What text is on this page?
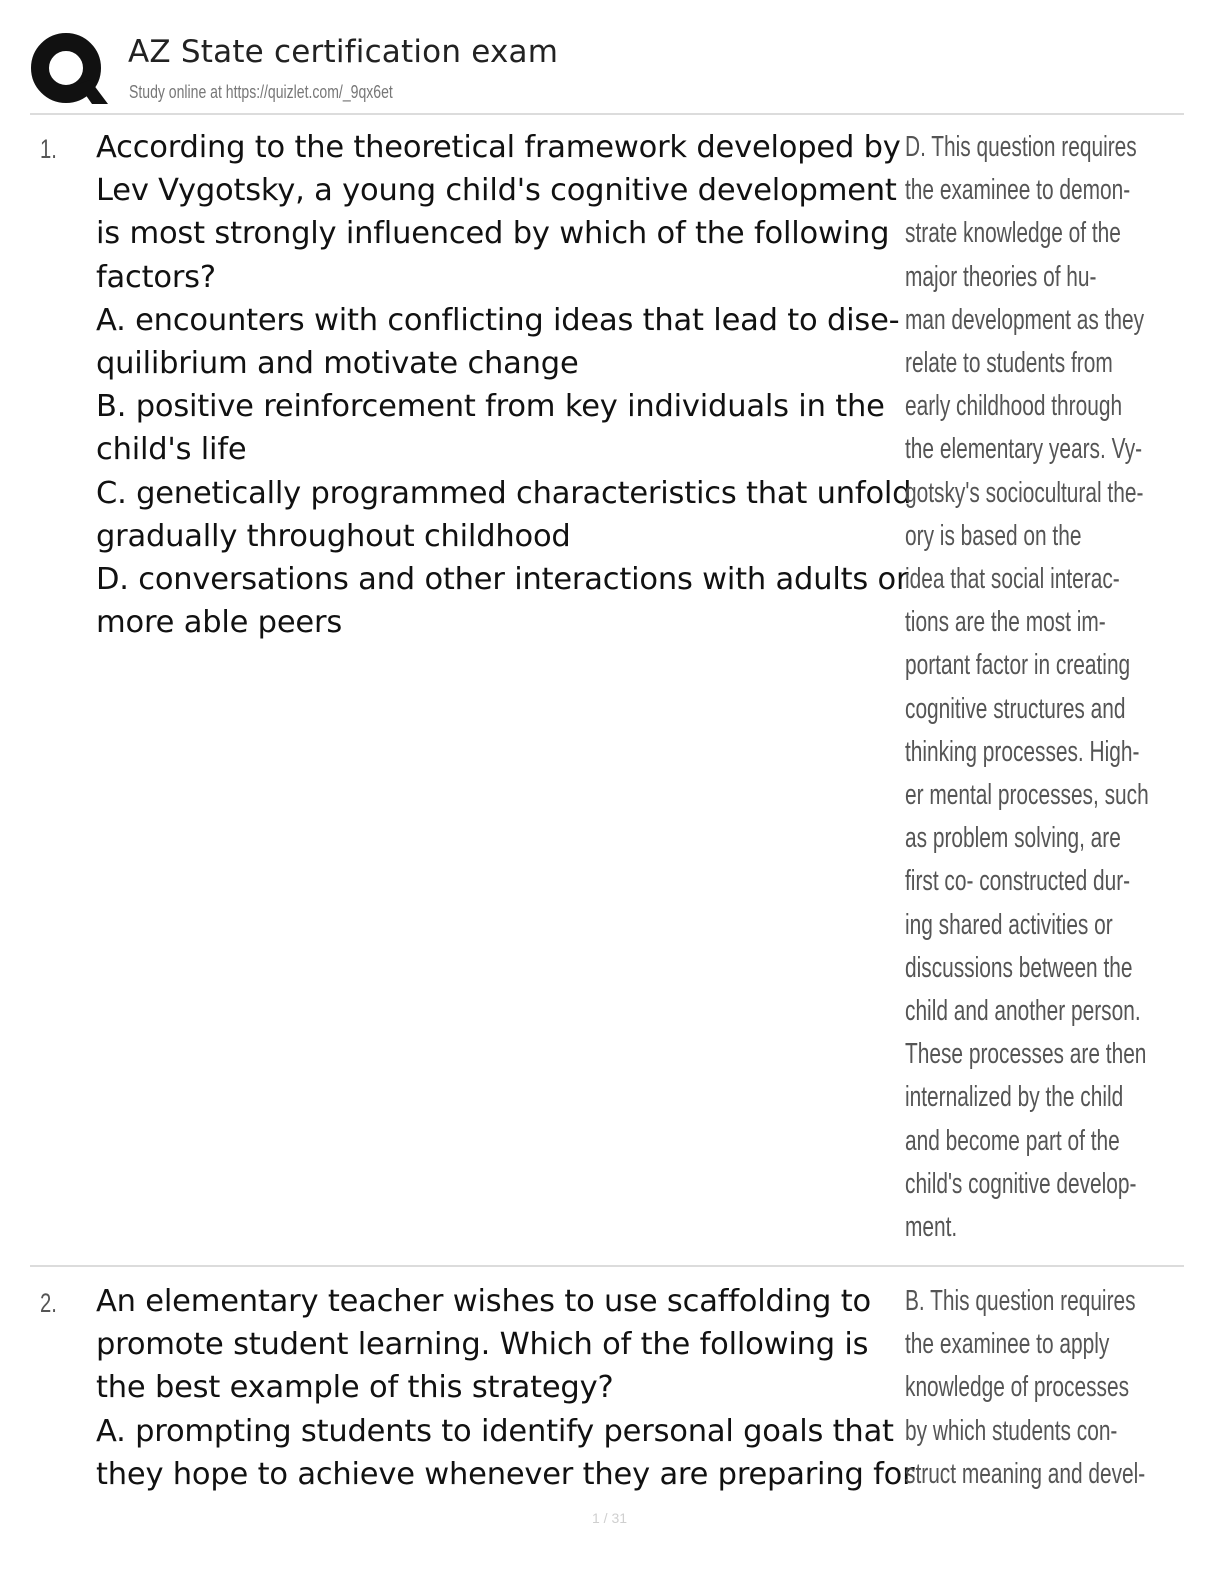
AZ State certification exam
Study online at https://quizlet.com/_9qx6et
1. According to the theoretical framework developed by
Lev Vygotsky, a young child's cognitive development
is most strongly influenced by which of the following
factors?
A. encounters with conflicting ideas that lead to dise-
quilibrium and motivate change
B. positive reinforcement from key individuals in the
child's life
C. genetically programmed characteristics that unfold
gradually throughout childhood
D. conversations and other interactions with adults or
more able peers
D. This question requires
the examinee to demon-
strate knowledge of the
major theories of hu-
man development as they
relate to students from
early childhood through
the elementary years. Vy-
gotsky's sociocultural the-
ory is based on the
idea that social interac-
tions are the most im-
portant factor in creating
cognitive structures and
thinking processes. High-
er mental processes, such
as problem solving, are
first co- constructed dur-
ing shared activities or
discussions between the
child and another person.
These processes are then
internalized by the child
and become part of the
child's cognitive develop-
ment.
2. An elementary teacher wishes to use scaffolding to
promote student learning. Which of the following is
the best example of this strategy?
A. prompting students to identify personal goals that
they hope to achieve whenever they are preparing for
B. This question requires
the examinee to apply
knowledge of processes
by which students con-
struct meaning and devel-
1 / 31
